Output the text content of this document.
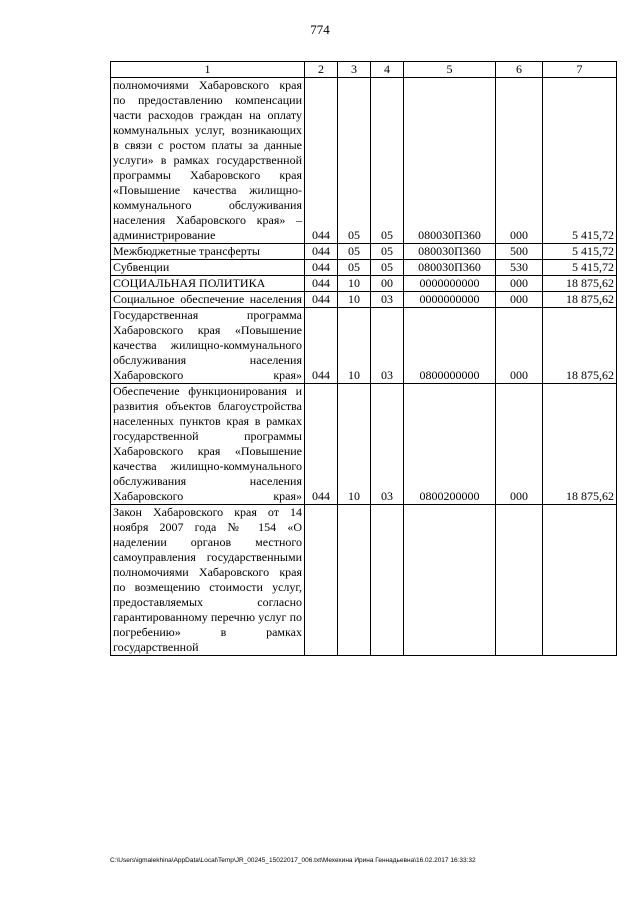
774
1	2	3	4	5	6	7
полномочиями Хабаровского края по предоставлению компенсации части расходов граждан на оплату коммунальных услуг, возникающих в связи с ростом платы за данные услуги» в рамках государственной программы Хабаровского края «Повышение качества жилищно-коммунального обслуживания населения Хабаровского края» – администрирование	044	05	05	080030П360	000	5 415,72
Межбюджетные трансферты	044	05	05	080030П360	500	5 415,72
Субвенции	044	05	05	080030П360	530	5 415,72
СОЦИАЛЬНАЯ ПОЛИТИКА	044	10	00	0000000000	000	18 875,62
Социальное обеспечение населения	044	10	03	0000000000	000	18 875,62
Государственная программа Хабаровского края «Повышение качества жилищно-коммунального обслуживания населения Хабаровского края»	044	10	03	0800000000	000	18 875,62
Обеспечение функционирования и развития объектов благоустройства населенных пунктов края в рамках государственной программы Хабаровского края «Повышение качества жилищно-коммунального обслуживания населения Хабаровского края»	044	10	03	0800200000	000	18 875,62
Закон Хабаровского края от 14 ноября 2007 года № 154 «О наделении органов местного самоуправления государственными полномочиями Хабаровского края по возмещению стоимости услуг, предоставляемых согласно гарантированному перечню услуг по погребению» в рамках государственной						
C:\Users\igmalekhina\AppData\Local\Temp\JR_00245_15022017_006.txt\Мехехина Ирина Геннадьевна\16.02.2017 16:33:32
